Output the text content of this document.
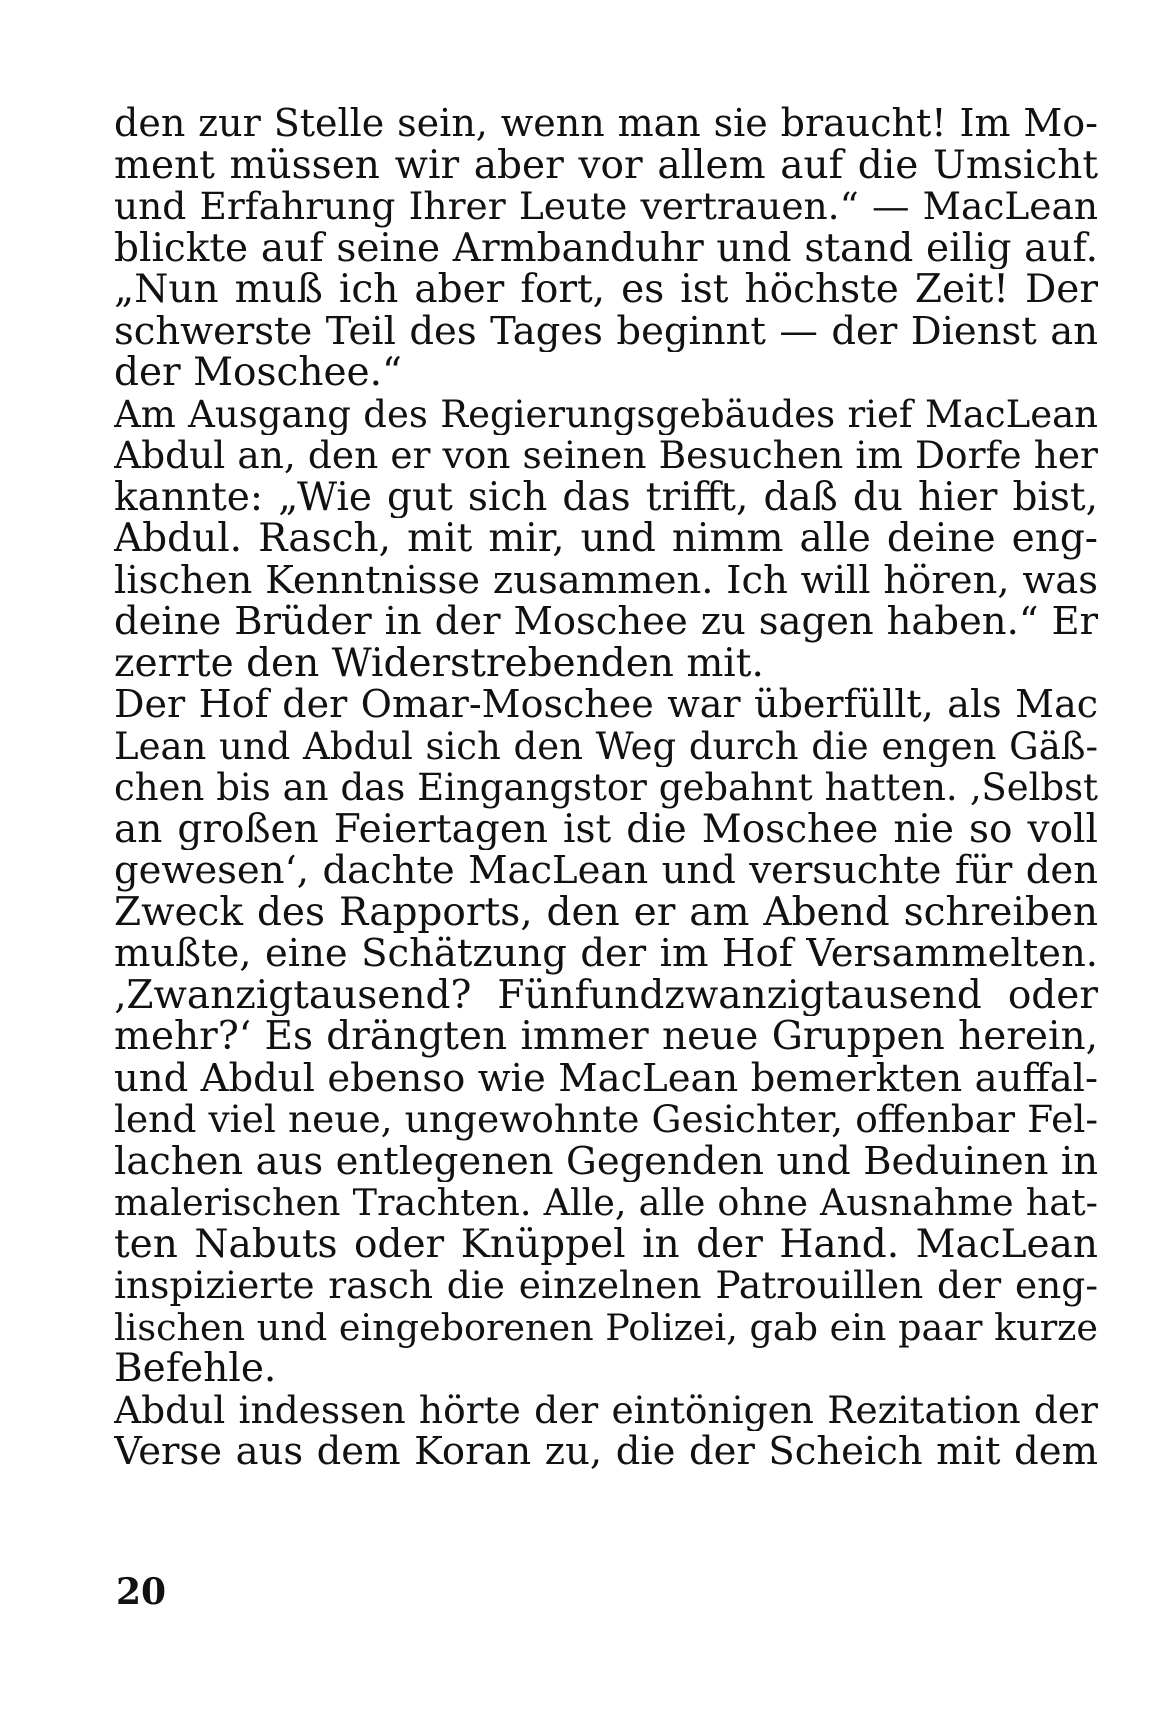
den zur Stelle sein, wenn man sie braucht! Im Mo-
ment müssen wir aber vor allem auf die Umsicht
und Erfahrung Ihrer Leute vertrauen.“ — MacLean
blickte auf seine Armbanduhr und stand eilig auf.
„Nun muß ich aber fort, es ist höchste Zeit! Der
schwerste Teil des Tages beginnt — der Dienst an
der Moschee.“
Am Ausgang des Regierungsgebäudes rief MacLean
Abdul an, den er von seinen Besuchen im Dorfe her
kannte: „Wie gut sich das trifft, daß du hier bist,
Abdul. Rasch, mit mir, und nimm alle deine eng-
lischen Kenntnisse zusammen. Ich will hören, was
deine Brüder in der Moschee zu sagen haben.“ Er
zerrte den Widerstrebenden mit.
Der Hof der Omar-Moschee war überfüllt, als Mac
Lean und Abdul sich den Weg durch die engen Gäß-
chen bis an das Eingangstor gebahnt hatten. ‚Selbst
an großen Feiertagen ist die Moschee nie so voll
gewesen‘, dachte MacLean und versuchte für den
Zweck des Rapports, den er am Abend schreiben
mußte, eine Schätzung der im Hof Versammelten.
‚Zwanzigtausend? Fünfundzwanzigtausend oder
mehr?‘ Es drängten immer neue Gruppen herein,
und Abdul ebenso wie MacLean bemerkten auffal-
lend viel neue, ungewohnte Gesichter, offenbar Fel-
lachen aus entlegenen Gegenden und Beduinen in
malerischen Trachten. Alle, alle ohne Ausnahme hat-
ten Nabuts oder Knüppel in der Hand. MacLean
inspizierte rasch die einzelnen Patrouillen der eng-
lischen und eingeborenen Polizei, gab ein paar kurze
Befehle.
Abdul indessen hörte der eintönigen Rezitation der
Verse aus dem Koran zu, die der Scheich mit dem
20
